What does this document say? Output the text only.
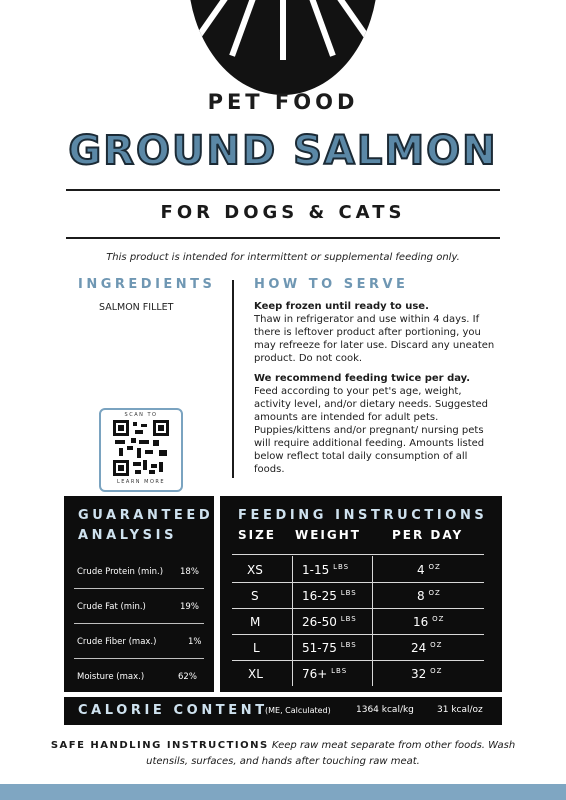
PET FOOD
GROUND SALMON
FOR DOGS & CATS
This product is intended for intermittent or supplemental feeding only.
INGREDIENTS
SALMON FILLET
SCAN TO
LEARN MORE
HOW TO SERVE

Keep frozen until ready to use.
Thaw in refrigerator and use within 4 days. If there is leftover product after portioning, you may refreeze for later use. Discard any uneaten product. Do not cook.

We recommend feeding twice per day.
Feed according to your pet's age, weight, activity level, and/or dietary needs. Suggested amounts are intended for adult pets. Puppies/kittens and/or pregnant/ nursing pets will require additional feeding. Amounts listed below reflect total daily consumption of all foods.

GUARANTEED
ANALYSIS
Crude Protein (min.) 18%
Crude Fat (min.)	19%
Crude Fiber (max.)	1%
Moisture (max.)	62%
FEEDING INSTRUCTIONS
SIZE WEIGHT	PER DAY
XS	1-15 $^{LBS}$	4 $^{OZ}$
S	16-25 $^{LBS}$	8 $^{OZ}$
M	26-50 $^{LBS}$	16 $^{OZ}$
L	51-75 $^{LBS}$	24 $^{OZ}$
XL	76+ $^{LBS}$	32 $^{OZ}$
CALORIE CONTENT
(ME, Calculated)	1364 kcal/kg	31 kcal/oz
SAFE HANDLING INSTRUCTIONS Keep raw meat separate from other foods. Wash utensils, surfaces, and hands after touching raw meat.
